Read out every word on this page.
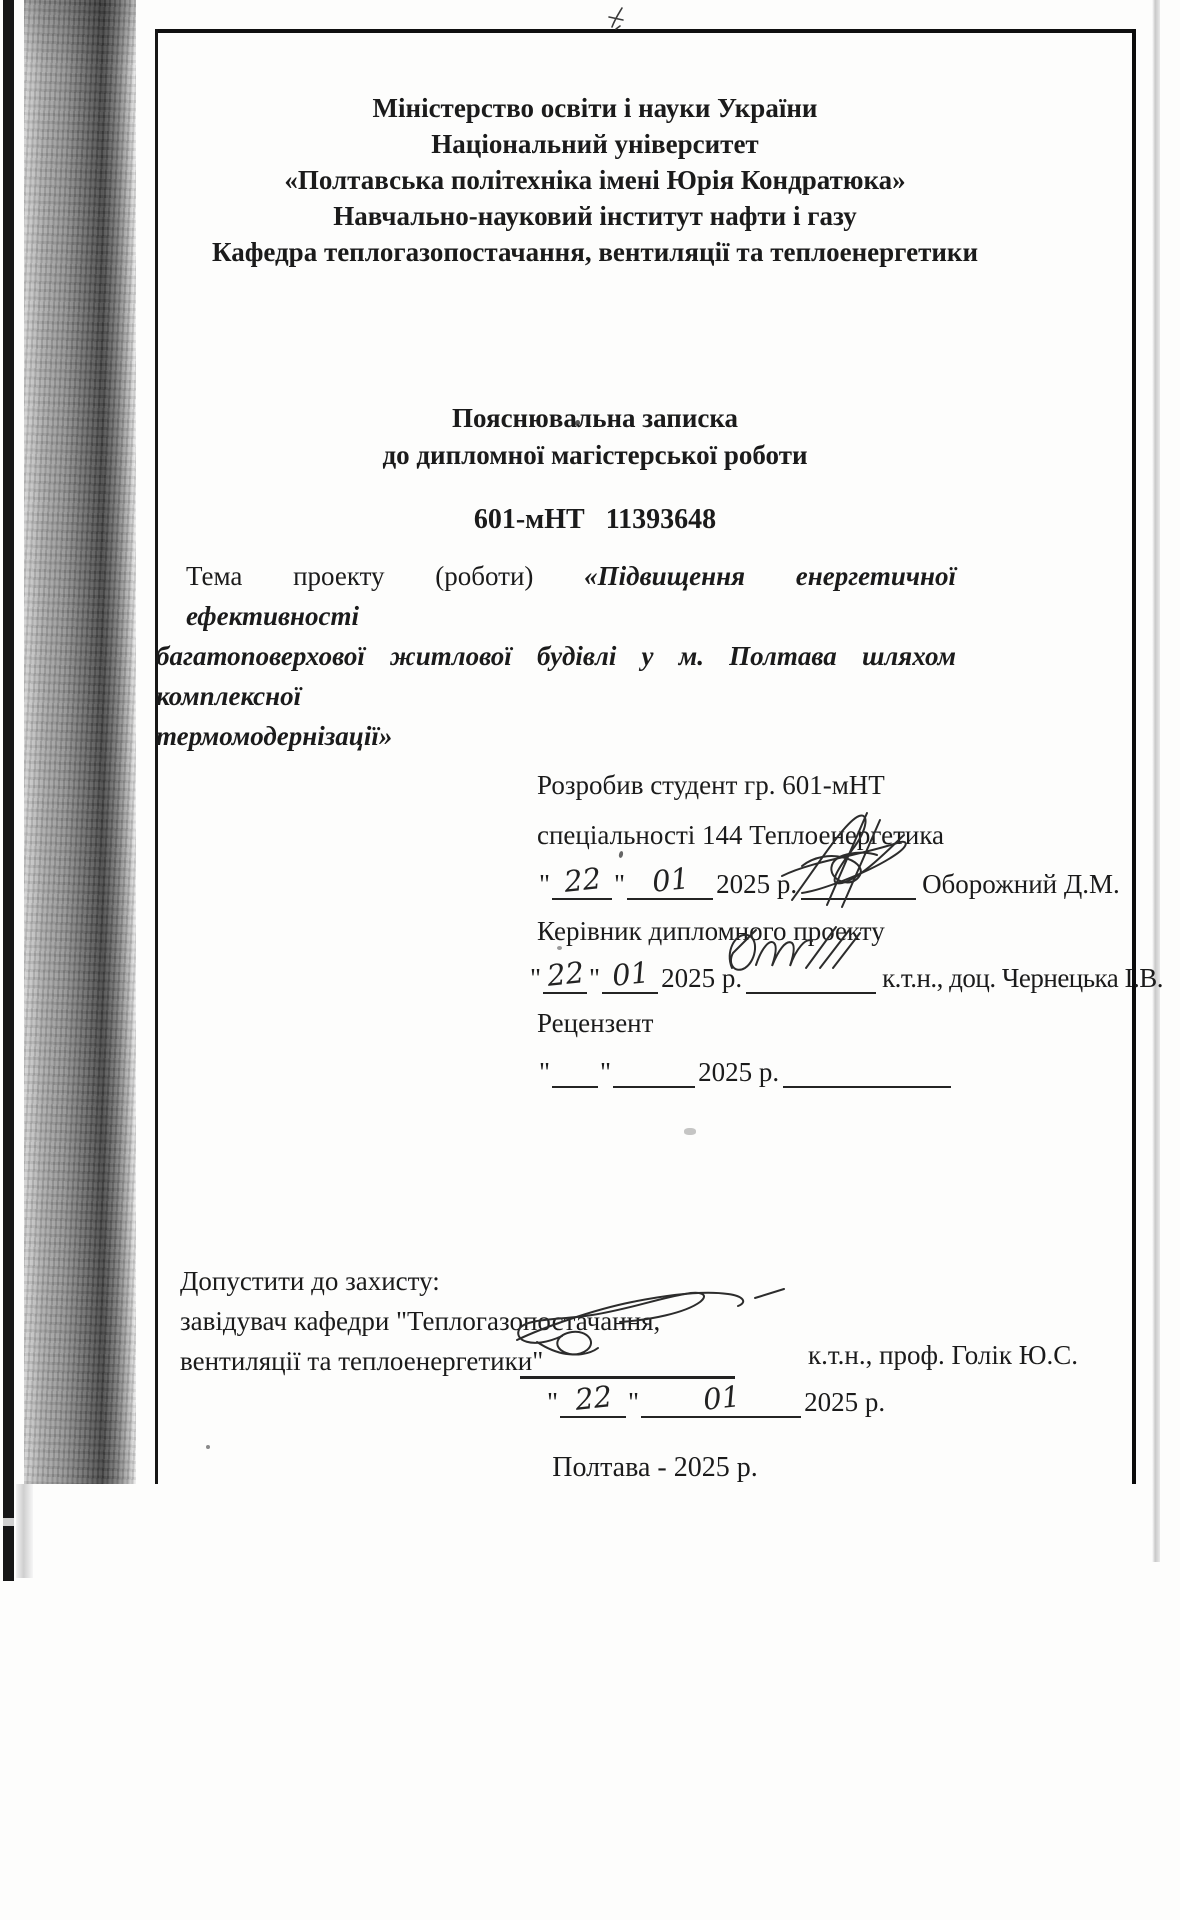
Міністерство освіти і науки України
Національний університет
«Полтавська політехніка імені Юрія Кондратюка»
Навчально-науковий інститут нафти і газу
Кафедра теплогазопостачання, вентиляції та теплоенергетики
Пояснювальна записка
до дипломної магістерської роботи
601-мНТ   11393648
Тема проекту (роботи) «Підвищення енергетичної ефективності
багатоповерхової житлової будівлі у м. Полтава шляхом комплексної
термомодернізації»
Розробив студент гр. 601-мНТ
спеціальності 144 Теплоенергетика
" 22 " 01 2025 р.	Оборожний Д.М.
Керівник дипломного проекту
" 22 " 01 2025 р.	к.т.н., доц. Чернецька І.В.
Рецензент
" "	2025 р.
Допустити до захисту:
завідувач кафедри "Теплогазопостачання,
вентиляції та теплоенергетики"	к.т.н., проф. Голік Ю.С.
" 22 "	01	2025 р.
Полтава - 2025 р.
